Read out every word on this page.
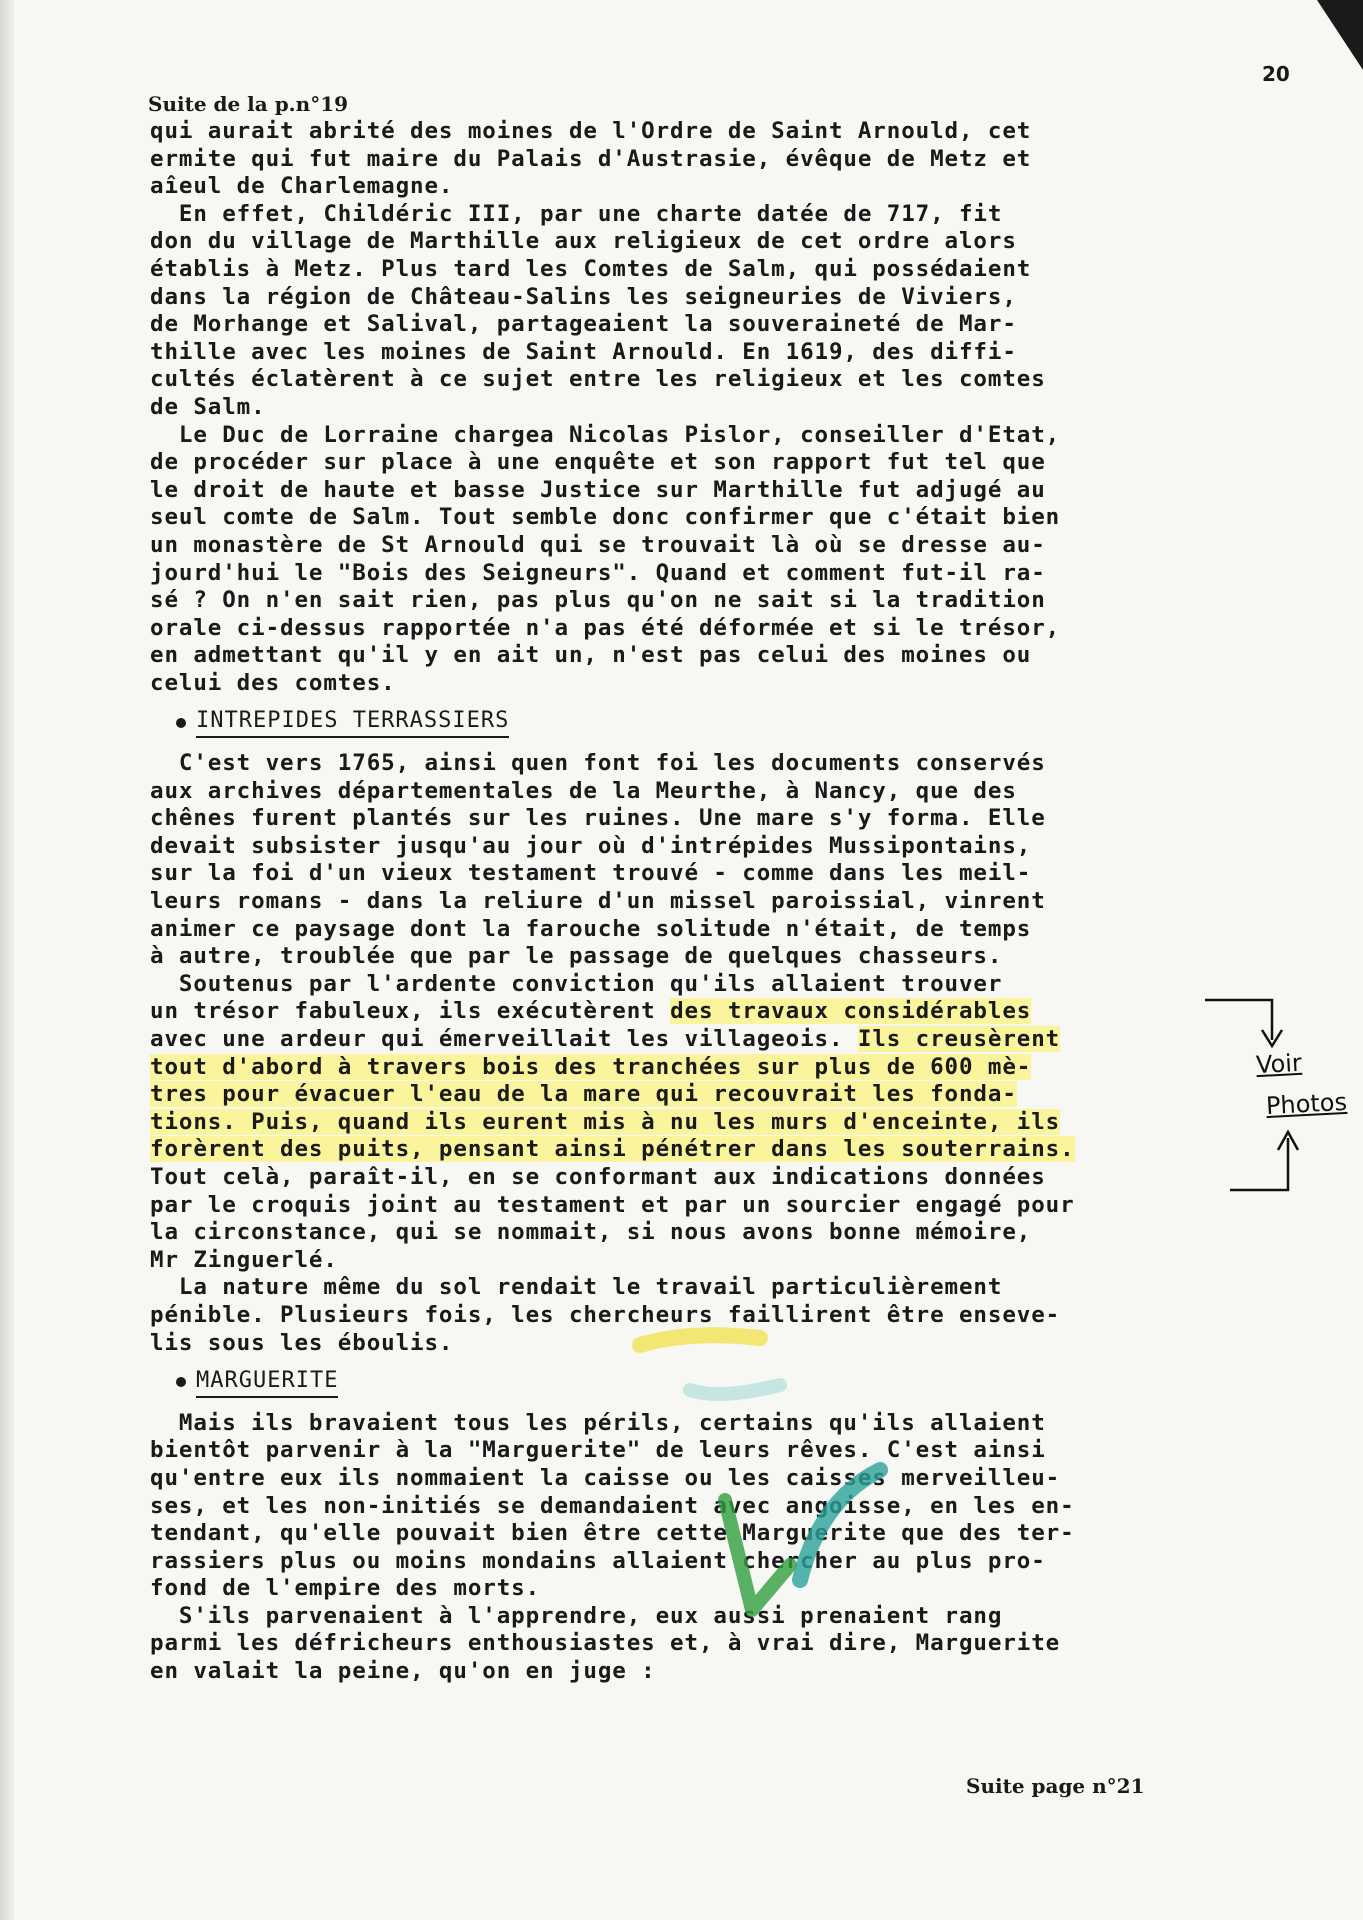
20
Suite de la p.n°19
qui aurait abrité des moines de l'Ordre de Saint Arnould, cet
ermite qui fut maire du Palais d'Austrasie, évêque de Metz et
aîeul de Charlemagne.
En effet, Childéric III, par une charte datée de 717, fit
don du village de Marthille aux religieux de cet ordre alors
établis à Metz. Plus tard les Comtes de Salm, qui possédaient
dans la région de Château-Salins les seigneuries de Viviers,
de Morhange et Salival, partageaient la souveraineté de Mar-
thille avec les moines de Saint Arnould. En 1619, des diffi-
cultés éclatèrent à ce sujet entre les religieux et les comtes
de Salm.
Le Duc de Lorraine chargea Nicolas Pislor, conseiller d'Etat,
de procéder sur place à une enquête et son rapport fut tel que
le droit de haute et basse Justice sur Marthille fut adjugé au
seul comte de Salm. Tout semble donc confirmer que c'était bien
un monastère de St Arnould qui se trouvait là où se dresse au-
jourd'hui le "Bois des Seigneurs". Quand et comment fut-il ra-
sé ? On n'en sait rien, pas plus qu'on ne sait si la tradition
orale ci-dessus rapportée n'a pas été déformée et si le trésor,
en admettant qu'il y en ait un, n'est pas celui des moines ou
celui des comtes.
INTREPIDES TERRASSIERS
C'est vers 1765, ainsi quen font foi les documents conservés
aux archives départementales de la Meurthe, à Nancy, que des
chênes furent plantés sur les ruines. Une mare s'y forma. Elle
devait subsister jusqu'au jour où d'intrépides Mussipontains,
sur la foi d'un vieux testament trouvé - comme dans les meil-
leurs romans - dans la reliure d'un missel paroissial, vinrent
animer ce paysage dont la farouche solitude n'était, de temps
à autre, troublée que par le passage de quelques chasseurs.
Soutenus par l'ardente conviction qu'ils allaient trouver
un trésor fabuleux, ils exécutèrent des travaux considérables
avec une ardeur qui émerveillait les villageois. Ils creusèrent
tout d'abord à travers bois des tranchées sur plus de 600 mè-
tres pour évacuer l'eau de la mare qui recouvrait les fonda-
tions. Puis, quand ils eurent mis à nu les murs d'enceinte, ils
forèrent des puits, pensant ainsi pénétrer dans les souterrains.
Tout celà, paraît-il, en se conformant aux indications données
par le croquis joint au testament et par un sourcier engagé pour
la circonstance, qui se nommait, si nous avons bonne mémoire,
Mr Zinguerlé.
La nature même du sol rendait le travail particulièrement
pénible. Plusieurs fois, les chercheurs faillirent être enseve-
lis sous les éboulis.
MARGUERITE
Mais ils bravaient tous les périls, certains qu'ils allaient
bientôt parvenir à la "Marguerite" de leurs rêves. C'est ainsi
qu'entre eux ils nommaient la caisse ou les caisses merveilleu-
ses, et les non-initiés se demandaient avec angoisse, en les en-
tendant, qu'elle pouvait bien être cette Marguerite que des ter-
rassiers plus ou moins mondains allaient chercher au plus pro-
fond de l'empire des morts.
S'ils parvenaient à l'apprendre, eux aussi prenaient rang
parmi les défricheurs enthousiastes et, à vrai dire, Marguerite
en valait la peine, qu'on en juge :
Voir
Photos
Suite page n°21
